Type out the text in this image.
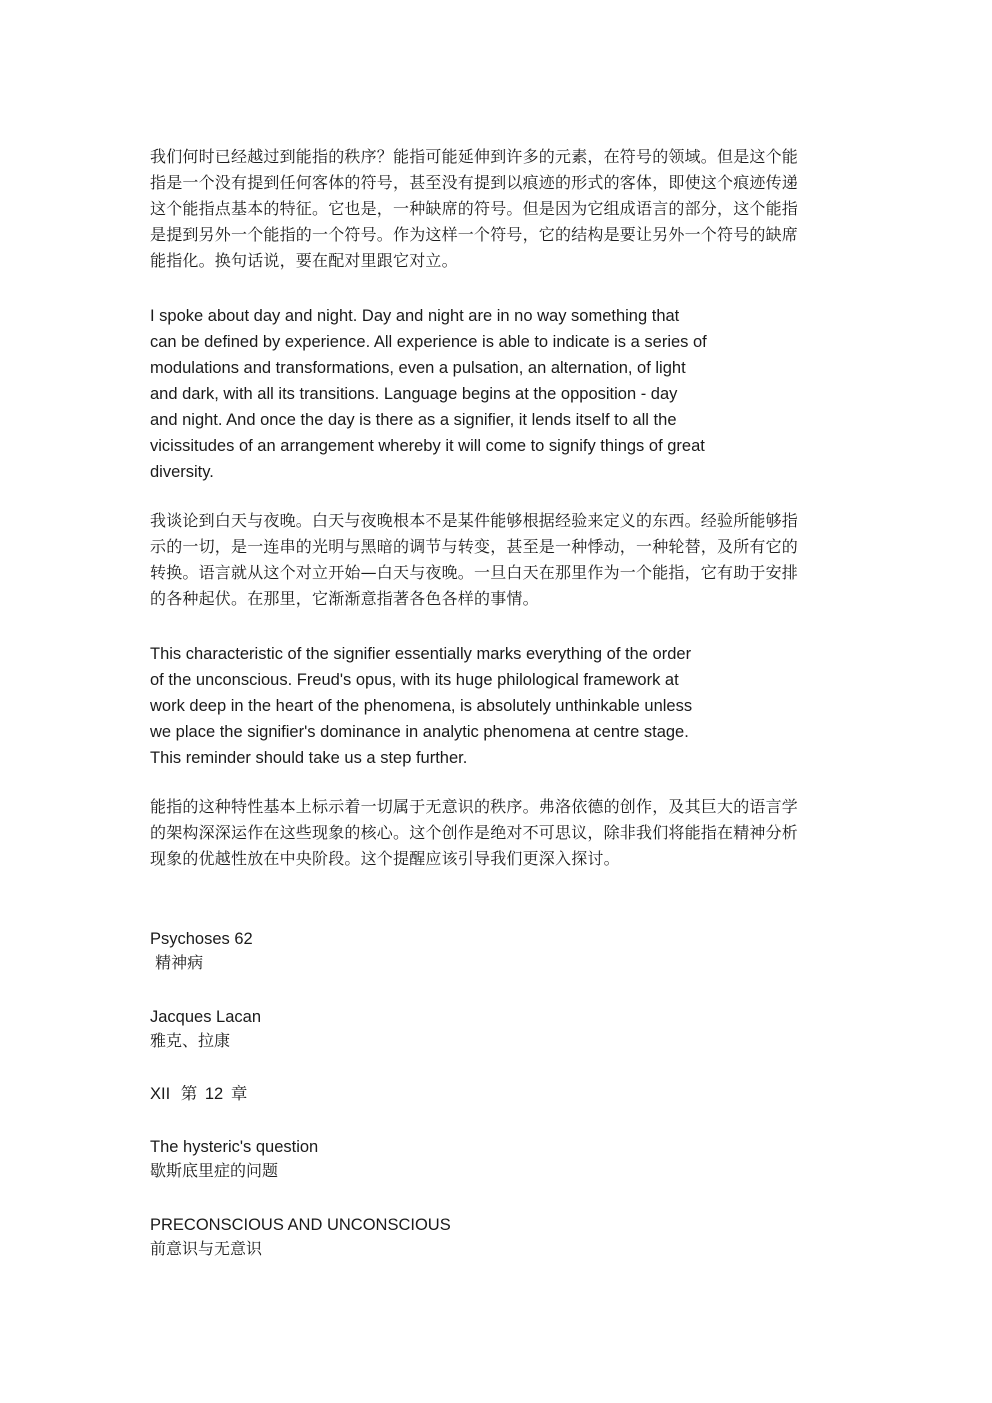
我们何时已经越过到能指的秩序？能指可能延伸到许多的元素，在符号的领域。但是这个能
指是一个没有提到任何客体的符号，甚至没有提到以痕迹的形式的客体，即使这个痕迹传递
这个能指点基本的特征。它也是，一种缺席的符号。但是因为它组成语言的部分，这个能指
是提到另外一个能指的一个符号。作为这样一个符号，它的结构是要让另外一个符号的缺席
能指化。换句话说，要在配对里跟它对立。

I spoke about day and night. Day and night are in no way something that
can be defined by experience. All experience is able to indicate is a series of
modulations and transformations, even a pulsation, an alternation, of light
and dark, with all its transitions. Language begins at the opposition - day
and night. And once the day is there as a signifier, it lends itself to all the
vicissitudes of an arrangement whereby it will come to signify things of great
diversity.

我谈论到白天与夜晚。白天与夜晚根本不是某件能够根据经验来定义的东西。经验所能够指
示的一切，是一连串的光明与黑暗的调节与转变，甚至是一种悸动，一种轮替，及所有它的
转换。语言就从这个对立开始—白天与夜晚。一旦白天在那里作为一个能指，它有助于安排
的各种起伏。在那里，它渐渐意指著各色各样的事情。

This characteristic of the signifier essentially marks everything of the order
of the unconscious. Freud's opus, with its huge philological framework at
work deep in the heart of the phenomena, is absolutely unthinkable unless
we place the signifier's dominance in analytic phenomena at centre stage.
This reminder should take us a step further.

能指的这种特性基本上标示着一切属于无意识的秩序。弗洛依德的创作，及其巨大的语言学
的架构深深运作在这些现象的核心。这个创作是绝对不可思议，除非我们将能指在精神分析
现象的优越性放在中央阶段。这个提醒应该引导我们更深入探讨。

Psychoses 62
精神病
Jacques Lacan
雅克、拉康

XII 第 12 章

The hysteric's question
歇斯底里症的问题
PRECONSCIOUS AND UNCONSCIOUS
前意识与无意识
